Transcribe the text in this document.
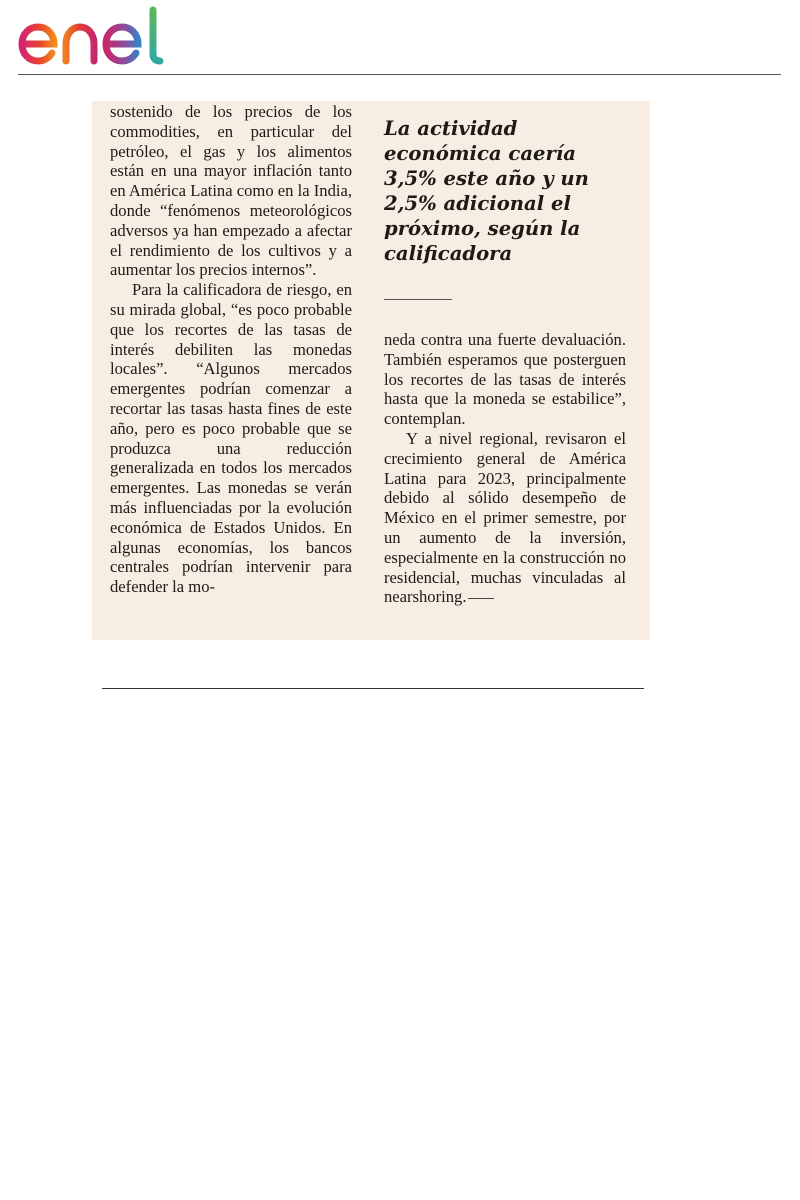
sostenido de los precios de los commodities, en particular del petróleo, el gas y los alimentos están en una mayor inflación tanto en América Latina como en la India, donde “fenómenos meteorológicos adversos ya han empezado a afectar el rendimiento de los cultivos y a aumentar los precios internos”.

Para la calificadora de riesgo, en su mirada global, “es poco probable que los recortes de las tasas de interés debiliten las monedas locales”. “Algunos mercados emergentes podrían comenzar a recortar las tasas hasta fines de este año, pero es poco probable que se produzca una reducción generalizada en todos los mercados emergentes. Las monedas se verán más influenciadas por la evolución económica de Estados Unidos. En algunas economías, los bancos centrales podrían intervenir para defender la mo-

La actividad económica caería 3,5% este año y un 2,5% adicional el próximo, según la calificadora

neda contra una fuerte devaluación. También esperamos que posterguen los recortes de las tasas de interés hasta que la moneda se estabilice”, contemplan.

Y a nivel regional, revisaron el crecimiento general de América Latina para 2023, principalmente debido al sólido desempeño de México en el primer semestre, por un aumento de la inversión, especialmente en la construcción no residencial, muchas vinculadas al nearshoring.
